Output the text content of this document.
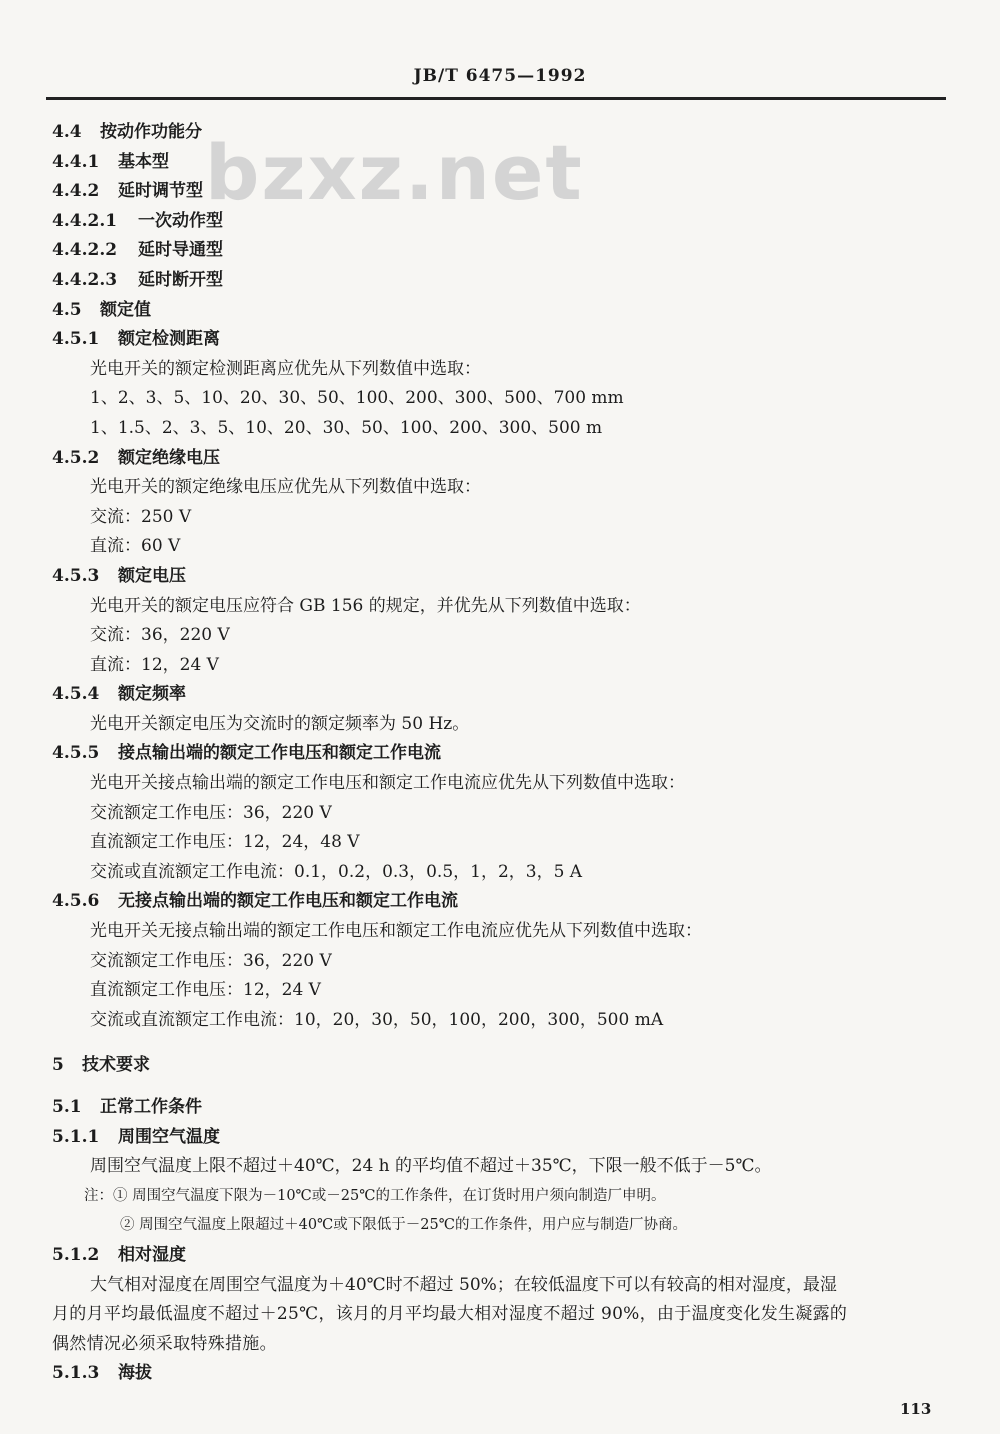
JB/T 6475—1992
bzxz.net
4.4 按动作功能分
4.4.1 基本型
4.4.2 延时调节型
4.4.2.1 一次动作型
4.4.2.2 延时导通型
4.4.2.3 延时断开型
4.5 额定值
4.5.1 额定检测距离
光电开关的额定检测距离应优先从下列数值中选取：
1、2、3、5、10、20、30、50、100、200、300、500、700 mm
1、1.5、2、3、5、10、20、30、50、100、200、300、500 m
4.5.2 额定绝缘电压
光电开关的额定绝缘电压应优先从下列数值中选取：
交流：250 V
直流：60 V
4.5.3 额定电压
光电开关的额定电压应符合 GB 156 的规定，并优先从下列数值中选取：
交流：36，220 V
直流：12，24 V
4.5.4 额定频率
光电开关额定电压为交流时的额定频率为 50 Hz。
4.5.5 接点输出端的额定工作电压和额定工作电流
光电开关接点输出端的额定工作电压和额定工作电流应优先从下列数值中选取：
交流额定工作电压：36，220 V
直流额定工作电压：12，24，48 V
交流或直流额定工作电流：0.1，0.2，0.3，0.5，1，2，3，5 A
4.5.6 无接点输出端的额定工作电压和额定工作电流
光电开关无接点输出端的额定工作电压和额定工作电流应优先从下列数值中选取：
交流额定工作电压：36，220 V
直流额定工作电压：12，24 V
交流或直流额定工作电流：10，20，30，50，100，200，300，500 mA
5 技术要求
5.1 正常工作条件
5.1.1 周围空气温度
周围空气温度上限不超过＋40℃，24 h 的平均值不超过＋35℃，下限一般不低于－5℃。
注：① 周围空气温度下限为－10℃或－25℃的工作条件，在订货时用户须向制造厂申明。
② 周围空气温度上限超过＋40℃或下限低于－25℃的工作条件，用户应与制造厂协商。
5.1.2 相对湿度
大气相对湿度在周围空气温度为＋40℃时不超过 50%；在较低温度下可以有较高的相对湿度，最湿
月的月平均最低温度不超过＋25℃，该月的月平均最大相对湿度不超过 90%，由于温度变化发生凝露的
偶然情况必须采取特殊措施。
5.1.3 海拔
113
